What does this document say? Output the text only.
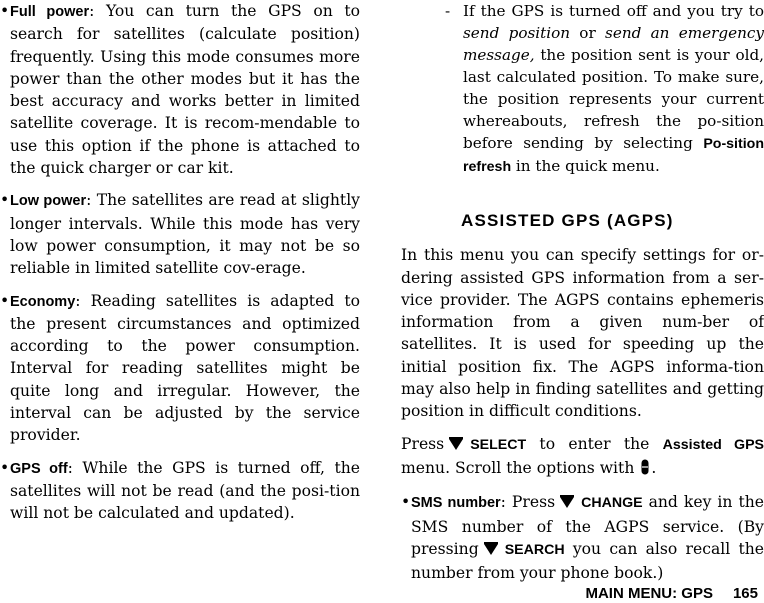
• Full power: You can turn the GPS on to search for satellites (calculate position) frequently. Using this mode consumes more power than the other modes but it has the best accuracy and works better in limited satellite coverage. It is recom-mendable to use this option if the phone is attached to the quick charger or car kit.

• Low power: The satellites are read at slightly longer intervals. While this mode has very low power consumption, it may not be so reliable in limited satellite cov-erage.

• Economy: Reading satellites is adapted to the present circumstances and optimized according to the power consumption. Interval for reading satellites might be quite long and irregular. However, the interval can be adjusted by the service provider.

• GPS off: While the GPS is turned off, the satellites will not be read (and the posi-tion will not be calculated and updated).

- If the GPS is turned off and you try to send position or send an emergency message, the position sent is your old, last calculated position. To make sure, the position represents your current whereabouts, refresh the po-sition before sending by selecting Po-sition refresh in the quick menu.

ASSISTED GPS (AGPS)

In this menu you can specify settings for or-dering assisted GPS information from a ser-vice provider. The AGPS contains ephemeris information from a given num-ber of satellites. It is used for speeding up the initial position fix. The AGPS informa-tion may also help in finding satellites and getting position in difficult conditions.

Press SELECT to enter the Assisted GPS menu. Scroll the options with .

• SMS number: Press CHANGE and key in the SMS number of the AGPS service. (By pressing SEARCH you can also recall the number from your phone book.)

MAIN MENU: GPS 165
